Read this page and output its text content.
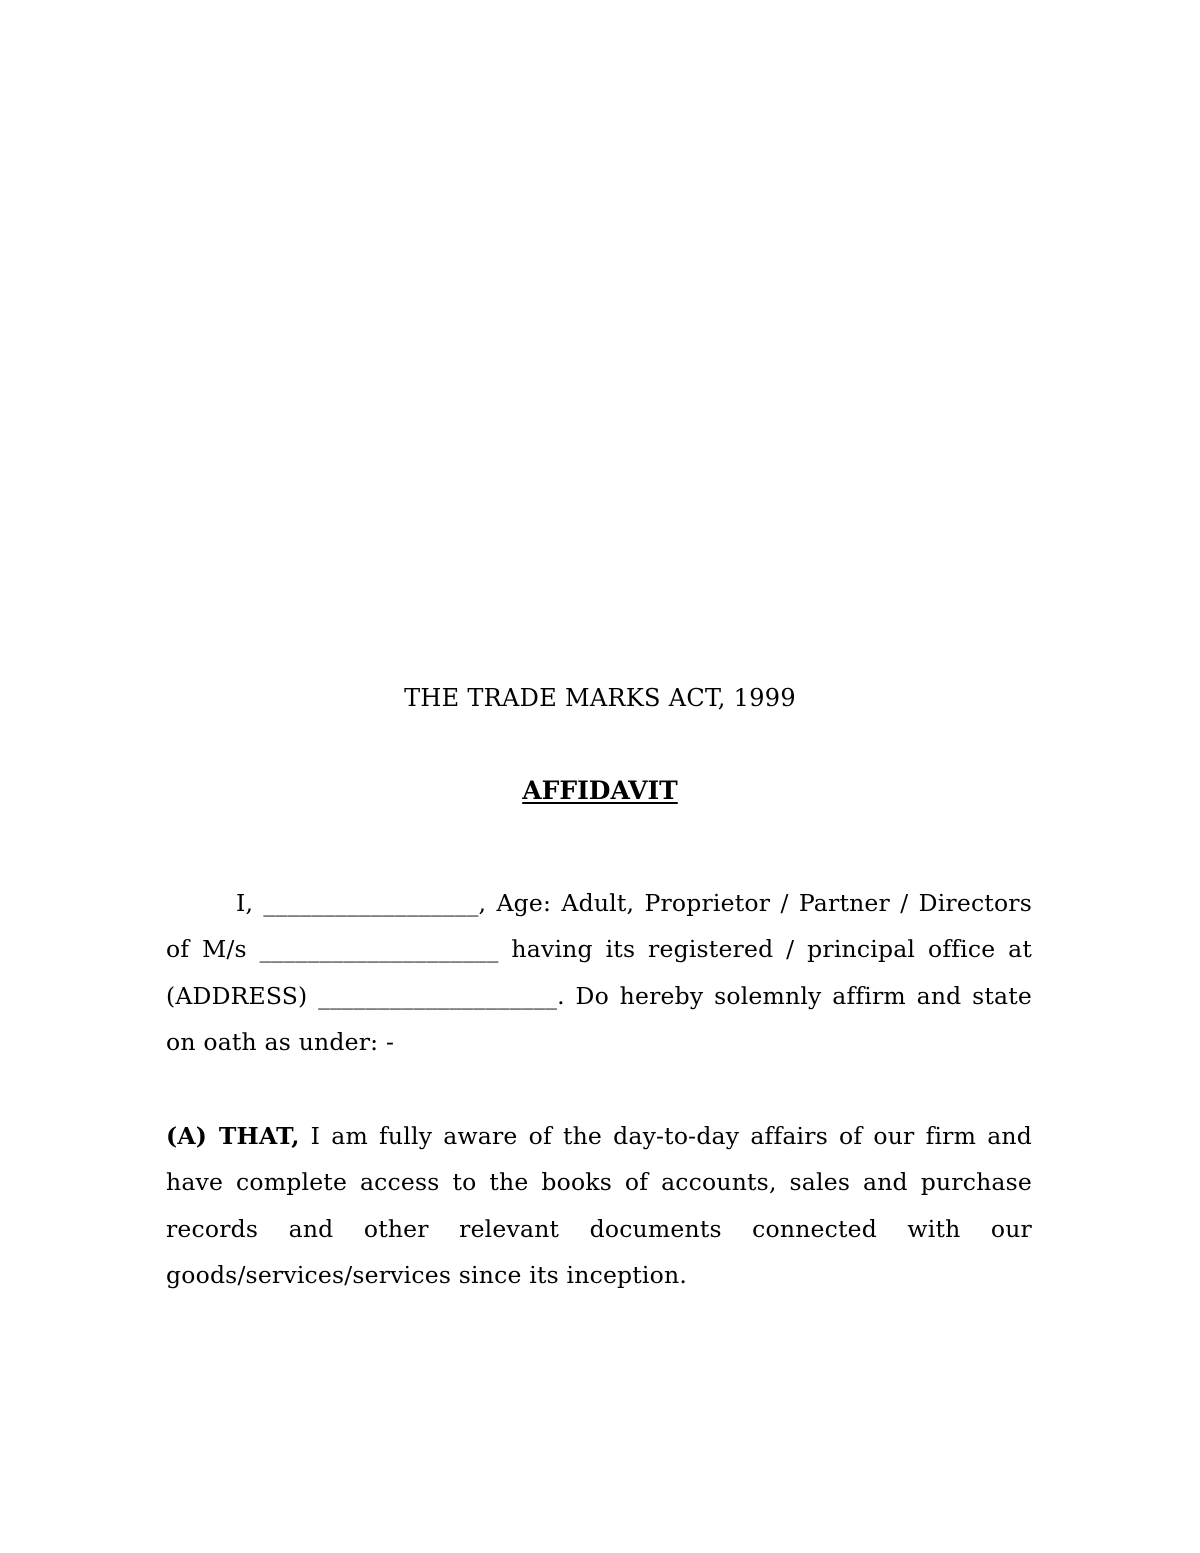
THE TRADE MARKS ACT, 1999
AFFIDAVIT

I, __________________, Age: Adult, Proprietor / Partner / Directors of M/s ____________________ having its registered / principal office at (ADDRESS) ____________________. Do hereby solemnly affirm and state on oath as under: -

(A) THAT, I am fully aware of the day-to-day affairs of our firm and have complete access to the books of accounts, sales and purchase records and other relevant documents connected with our goods/services/services since its inception.
